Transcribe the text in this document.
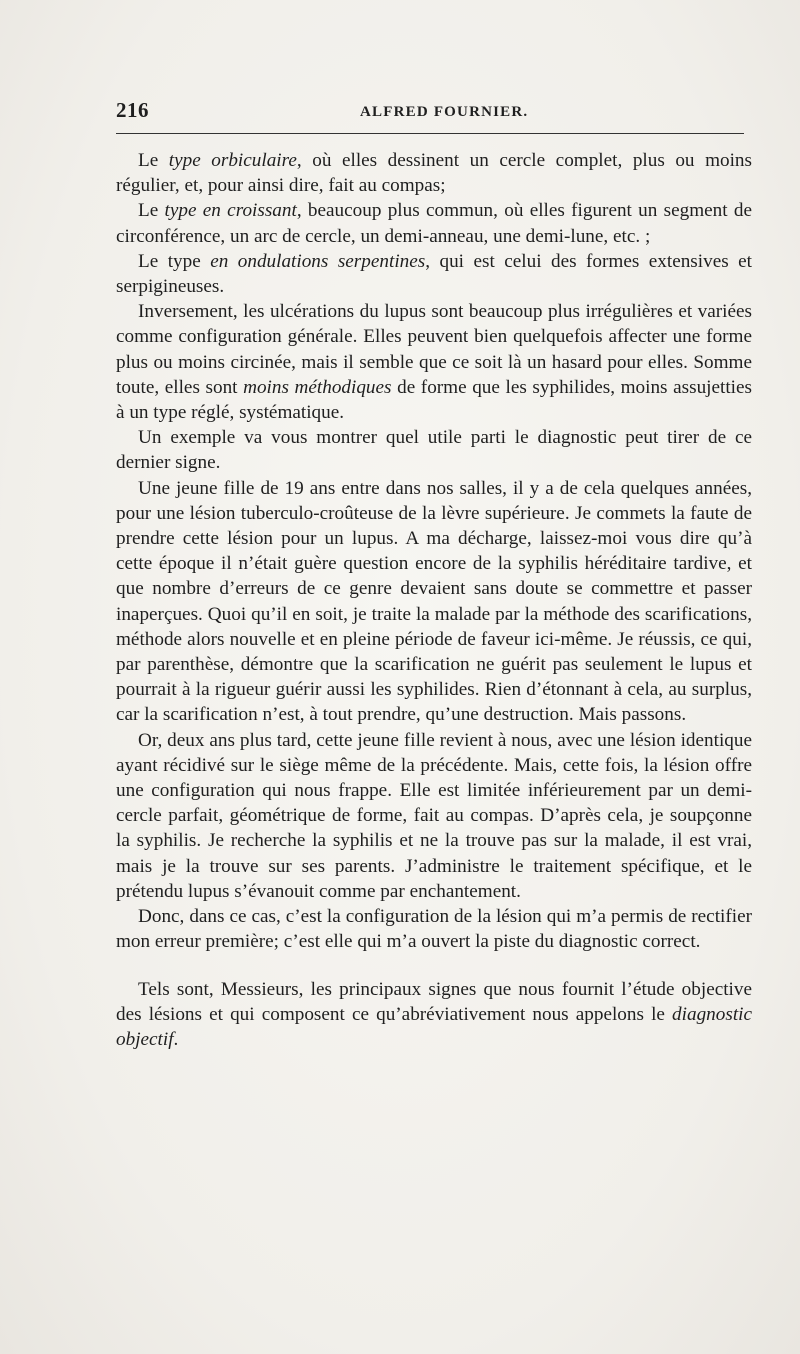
216	ALFRED FOURNIER.

Le type orbiculaire, où elles dessinent un cercle complet, plus ou moins régulier, et, pour ainsi dire, fait au compas;

Le type en croissant, beaucoup plus commun, où elles figurent un segment de circonférence, un arc de cercle, un demi-anneau, une demi-lune, etc. ;

Le type en ondulations serpentines, qui est celui des formes extensives et serpigineuses.

Inversement, les ulcérations du lupus sont beaucoup plus irrégulières et variées comme configuration générale. Elles peuvent bien quelquefois affecter une forme plus ou moins circinée, mais il semble que ce soit là un hasard pour elles. Somme toute, elles sont moins méthodiques de forme que les syphilides, moins assujetties à un type réglé, systématique.

Un exemple va vous montrer quel utile parti le diagnostic peut tirer de ce dernier signe.

Une jeune fille de 19 ans entre dans nos salles, il y a de cela quelques années, pour une lésion tuberculo-croûteuse de la lèvre supérieure. Je commets la faute de prendre cette lésion pour un lupus. A ma décharge, laissez-moi vous dire qu’à cette époque il n’était guère question encore de la syphilis héréditaire tardive, et que nombre d’erreurs de ce genre devaient sans doute se commettre et passer inaperçues. Quoi qu’il en soit, je traite la malade par la méthode des scarifications, méthode alors nouvelle et en pleine période de faveur ici-même. Je réussis, ce qui, par parenthèse, démontre que la scarification ne guérit pas seulement le lupus et pourrait à la rigueur guérir aussi les syphilides. Rien d’étonnant à cela, au surplus, car la scarification n’est, à tout prendre, qu’une destruction. Mais passons.

Or, deux ans plus tard, cette jeune fille revient à nous, avec une lésion identique ayant récidivé sur le siège même de la précédente. Mais, cette fois, la lésion offre une configuration qui nous frappe. Elle est limitée inférieurement par un demi-cercle parfait, géométrique de forme, fait au compas. D’après cela, je soupçonne la syphilis. Je recherche la syphilis et ne la trouve pas sur la malade, il est vrai, mais je la trouve sur ses parents. J’administre le traitement spécifique, et le prétendu lupus s’évanouit comme par enchantement.

Donc, dans ce cas, c’est la configuration de la lésion qui m’a permis de rectifier mon erreur première; c’est elle qui m’a ouvert la piste du diagnostic correct.

Tels sont, Messieurs, les principaux signes que nous fournit l’étude objective des lésions et qui composent ce qu’abréviativement nous appelons le diagnostic objectif.
